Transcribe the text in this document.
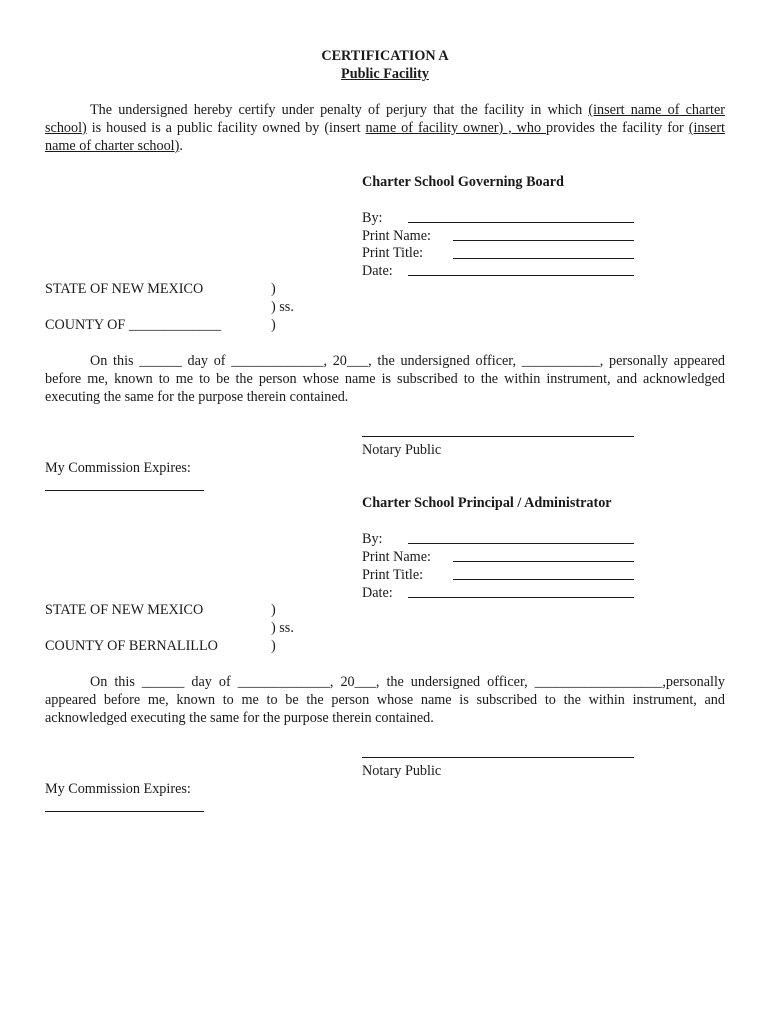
CERTIFICATION A
Public Facility
The undersigned hereby certify under penalty of perjury that the facility in which (insert name of charter school) is housed is a public facility owned by (insert name of facility owner) , who provides the facility for (insert name of charter school).
Charter School Governing Board
By:
Print Name:
Print Title:
Date:
STATE OF NEW MEXICO	)
) ss.
COUNTY OF _____________	)
On this ______ day of _____________, 20___, the undersigned officer, ___________, personally appeared before me, known to me to be the person whose name is subscribed to the within instrument, and acknowledged executing the same for the purpose therein contained.
Notary Public
My Commission Expires:
Charter School Principal / Administrator
By:
Print Name:
Print Title:
Date:
STATE OF NEW MEXICO	)
) ss.
COUNTY OF BERNALILLO	)
On this ______ day of _____________, 20___, the undersigned officer, __________________,personally appeared before me, known to me to be the person whose name is subscribed to the within instrument, and acknowledged executing the same for the purpose therein contained.
Notary Public
My Commission Expires:
